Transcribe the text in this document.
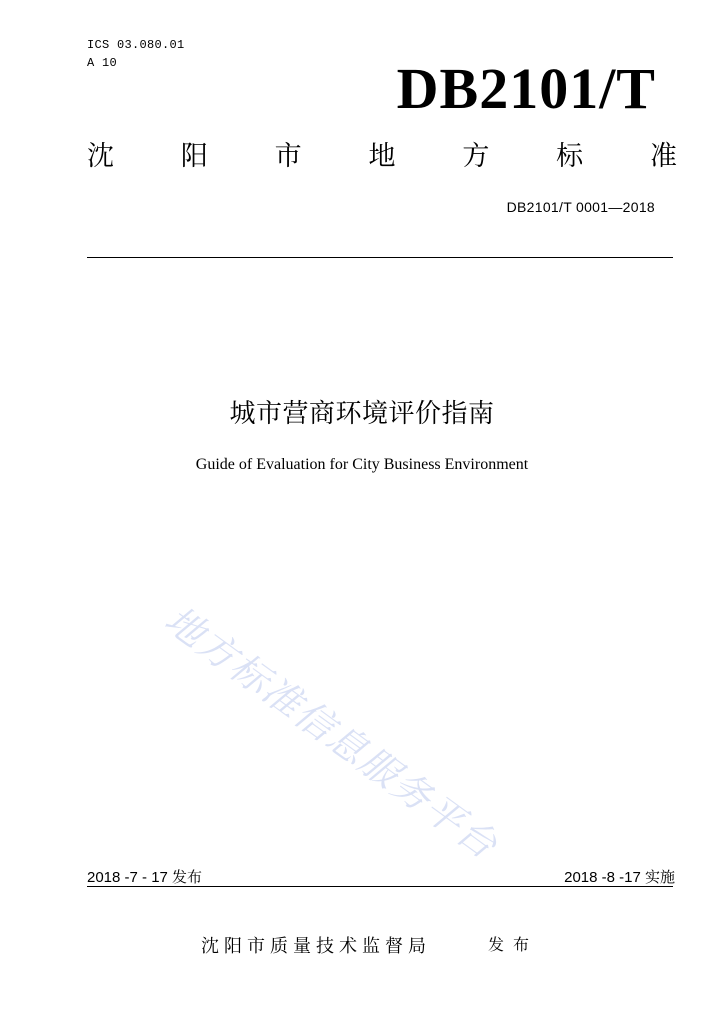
ICS 03.080.01
A 10	DB2101/T
沈 阳 市 地 方 标 准
DB2101/T 0001—2018
城市营商环境评价指南
Guide of Evaluation for City Business Environment
地方标准信息服务平台
2018 -7 - 17 发布	2018 -8 -17 实施
沈阳市质量技术监督局	发布
